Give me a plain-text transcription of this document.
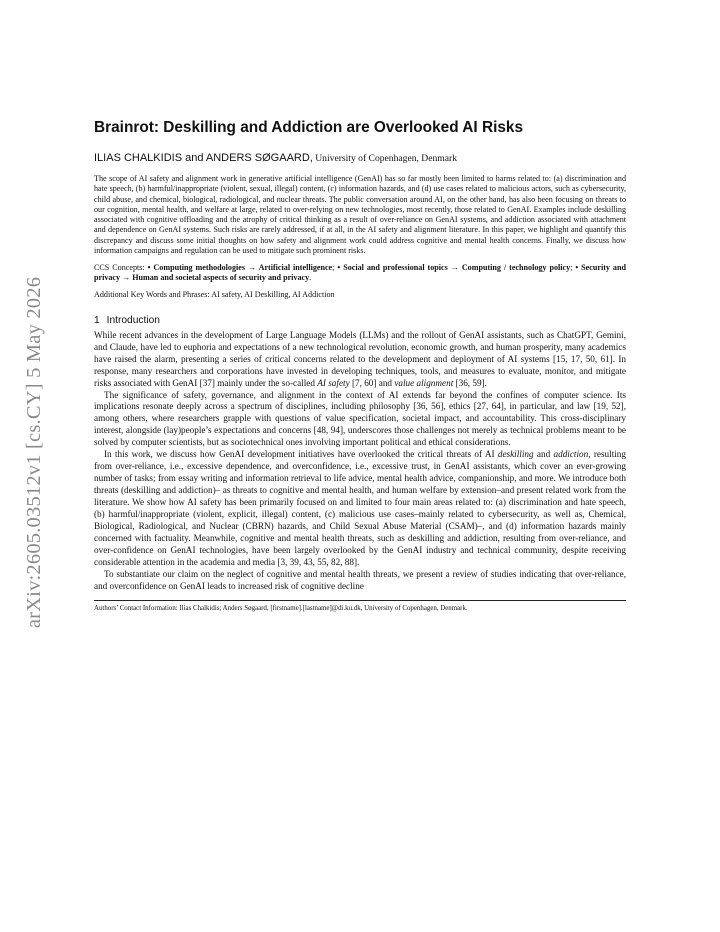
arXiv:2605.03512v1 [cs.CY] 5 May 2026
Brainrot: Deskilling and Addiction are Overlooked AI Risks
ILIAS CHALKIDIS and ANDERS SØGAARD, University of Copenhagen, Denmark
The scope of AI safety and alignment work in generative artificial intelligence (GenAI) has so far mostly been limited to harms related to: (a) discrimination and hate speech, (b) harmful/inappropriate (violent, sexual, illegal) content, (c) information hazards, and (d) use cases related to malicious actors, such as cybersecurity, child abuse, and chemical, biological, radiological, and nuclear threats. The public conversation around AI, on the other hand, has also been focusing on threats to our cognition, mental health, and welfare at large, related to over-relying on new technologies, most recently, those related to GenAI. Examples include deskilling associated with cognitive offloading and the atrophy of critical thinking as a result of over-reliance on GenAI systems, and addiction associated with attachment and dependence on GenAI systems. Such risks are rarely addressed, if at all, in the AI safety and alignment literature. In this paper, we highlight and quantify this discrepancy and discuss some initial thoughts on how safety and alignment work could address cognitive and mental health concerns. Finally, we discuss how information campaigns and regulation can be used to mitigate such prominent risks.
CCS Concepts: • Computing methodologies → Artificial intelligence; • Social and professional topics → Computing / technology policy; • Security and privacy → Human and societal aspects of security and privacy.
Additional Key Words and Phrases: AI safety, AI Deskilling, AI Addiction
1 Introduction

While recent advances in the development of Large Language Models (LLMs) and the rollout of GenAI assistants, such as ChatGPT, Gemini, and Claude, have led to euphoria and expectations of a new technological revolution, economic growth, and human prosperity, many academics have raised the alarm, presenting a series of critical concerns related to the development and deployment of AI systems [15, 17, 50, 61]. In response, many researchers and corporations have invested in developing techniques, tools, and measures to evaluate, monitor, and mitigate risks associated with GenAI [37] mainly under the so-called AI safety [7, 60] and value alignment [36, 59].

The significance of safety, governance, and alignment in the context of AI extends far beyond the confines of computer science. Its implications resonate deeply across a spectrum of disciplines, including philosophy [36, 56], ethics [27, 64], in particular, and law [19, 52], among others, where researchers grapple with questions of value specification, societal impact, and accountability. This cross-disciplinary interest, alongside (lay)people’s expectations and concerns [48, 94], underscores those challenges not merely as technical problems meant to be solved by computer scientists, but as sociotechnical ones involving important political and ethical considerations.

In this work, we discuss how GenAI development initiatives have overlooked the critical threats of AI deskilling and addiction, resulting from over-reliance, i.e., excessive dependence, and overconfidence, i.e., excessive trust, in GenAI assistants, which cover an ever-growing number of tasks; from essay writing and information retrieval to life advice, mental health advice, companionship, and more. We introduce both threats (deskilling and addiction)– as threats to cognitive and mental health, and human welfare by extension–and present related work from the literature. We show how AI safety has been primarily focused on and limited to four main areas related to: (a) discrimination and hate speech, (b) harmful/inappropriate (violent, explicit, illegal) content, (c) malicious use cases–mainly related to cybersecurity, as well as, Chemical, Biological, Radiological, and Nuclear (CBRN) hazards, and Child Sexual Abuse Material (CSAM)–, and (d) information hazards mainly concerned with factuality. Meanwhile, cognitive and mental health threats, such as deskilling and addiction, resulting from over-reliance, and over-confidence on GenAI technologies, have been largely overlooked by the GenAI industry and technical community, despite receiving considerable attention in the academia and media [3, 39, 43, 55, 82, 88].

To substantiate our claim on the neglect of cognitive and mental health threats, we present a review of studies indicating that over-reliance, and overconfidence on GenAI leads to increased risk of cognitive decline

Authors’ Contact Information: Ilias Chalkidis; Anders Søgaard, [firstname].[lastname]@di.ku.dk, University of Copenhagen, Denmark.
